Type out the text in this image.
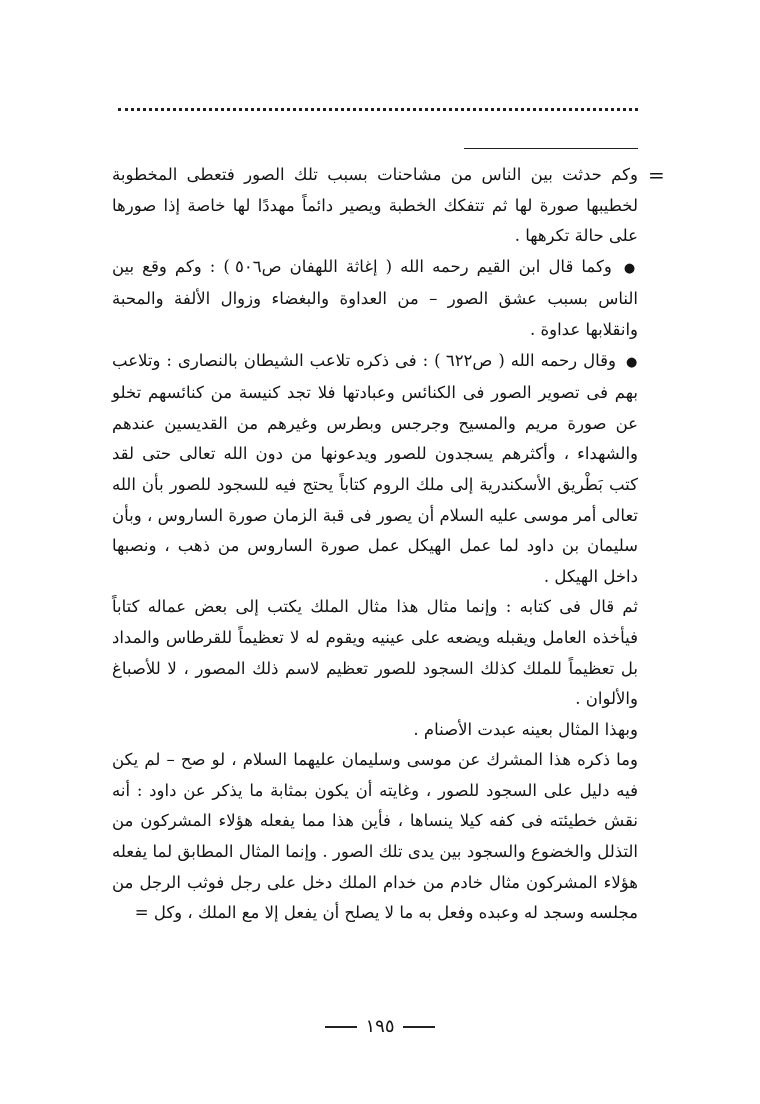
=

وكم حدثت بين الناس من مشاحنات بسبب تلك الصور فتعطى المخطوبة لخطيبها صورة لها ثم تتفكك الخطبة ويصير دائماً مهددًا لها خاصة إذا صورها على حالة تكرهها .

● وكما قال ابن القيم رحمه الله ( إغاثة اللهفان ص٥٠٦ ) : وكم وقع بين الناس بسبب عشق الصور – من العداوة والبغضاء وزوال الألفة والمحبة وانقلابها عداوة .

● وقال رحمه الله ( ص٦٢٢ ) : فى ذكره تلاعب الشيطان بالنصارى : وتلاعب بهم فى تصوير الصور فى الكنائس وعبادتها فلا تجد كنيسة من كنائسهم تخلو عن صورة مريم والمسيح وجرجس وبطرس وغيرهم من القديسين عندهم والشهداء ، وأكثرهم يسجدون للصور ويدعونها من دون الله تعالى حتى لقد كتب بَطْريق الأسكندرية إلى ملك الروم كتاباً يحتج فيه للسجود للصور بأن الله تعالى أمر موسى عليه السلام أن يصور فى قبة الزمان صورة الساروس ، وبأن سليمان بن داود لما عمل الهيكل عمل صورة الساروس من ذهب ، ونصبها داخل الهيكل .

ثم قال فى كتابه : وإنما مثال هذا مثال الملك يكتب إلى بعض عماله كتاباً فيأخذه العامل ويقبله ويضعه على عينيه ويقوم له لا تعظيماً للقرطاس والمداد بل تعظيماً للملك كذلك السجود للصور تعظيم لاسم ذلك المصور ، لا للأصباغ والألوان .

وبهذا المثال بعينه عبدت الأصنام .

وما ذكره هذا المشرك عن موسى وسليمان عليهما السلام ، لو صح – لم يكن فيه دليل على السجود للصور ، وغايته أن يكون بمثابة ما يذكر عن داود : أنه نقش خطيئته فى كفه كيلا ينساها ، فأين هذا مما يفعله هؤلاء المشركون من التذلل والخضوع والسجود بين يدى تلك الصور . وإنما المثال المطابق لما يفعله هؤلاء المشركون مثال خادم من خدام الملك دخل على رجل فوثب الرجل من مجلسه وسجد له وعبده وفعل به ما لا يصلح أن يفعل إلا مع الملك ، وكل =

١٩٥
